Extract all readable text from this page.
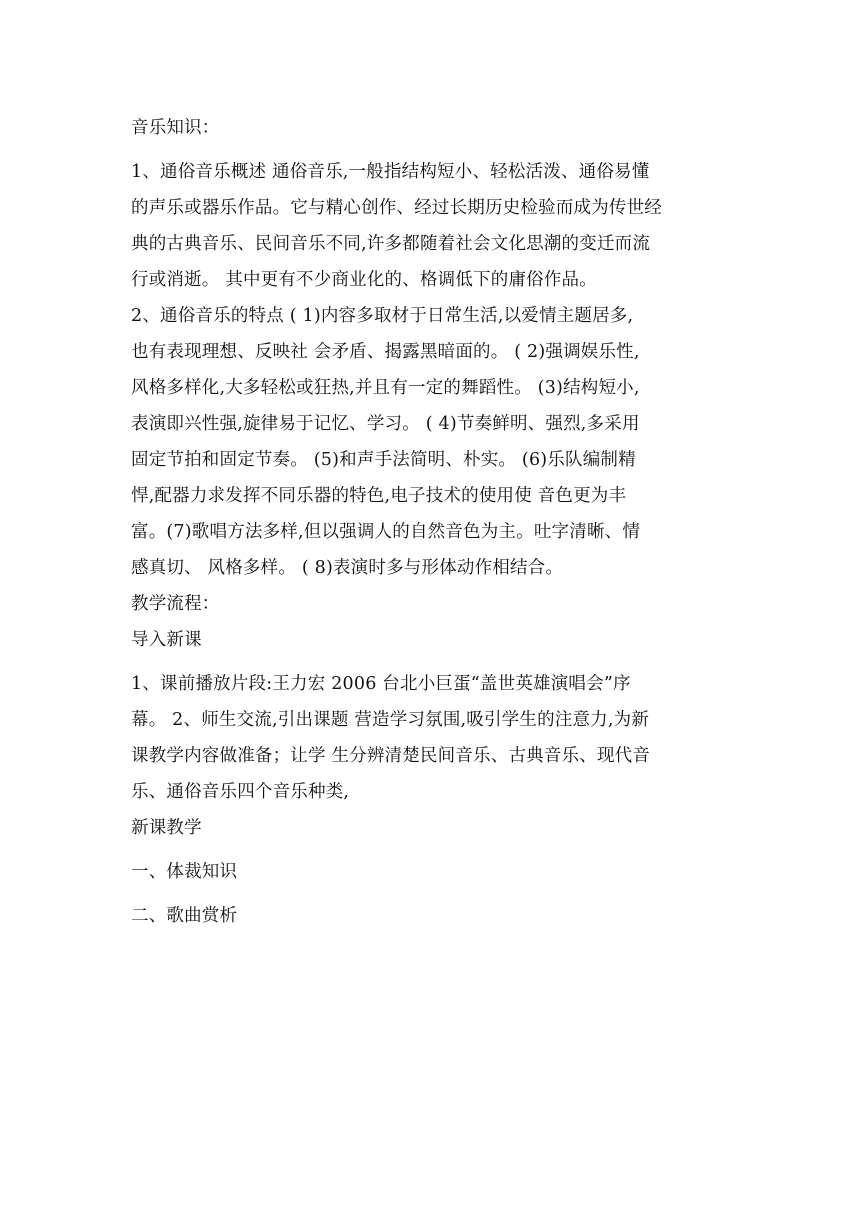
音乐知识：
1、通俗音乐概述 通俗音乐,一般指结构短小、轻松活泼、通俗易懂
的声乐或器乐作品。它与精心创作、经过长期历史检验而成为传世经
典的古典音乐、民间音乐不同,许多都随着社会文化思潮的变迁而流
行或消逝。 其中更有不少商业化的、格调低下的庸俗作品。
2、通俗音乐的特点 ( 1)内容多取材于日常生活,以爱情主题居多,
也有表现理想、反映社 会矛盾、揭露黑暗面的。 ( 2)强调娱乐性,
风格多样化,大多轻松或狂热,并且有一定的舞蹈性。 (3)结构短小,
表演即兴性强,旋律易于记忆、学习。 ( 4)节奏鲜明、强烈,多采用
固定节拍和固定节奏。 (5)和声手法简明、朴实。 (6)乐队编制精
悍,配器力求发挥不同乐器的特色,电子技术的使用使 音色更为丰
富。(7)歌唱方法多样,但以强调人的自然音色为主。吐字清晰、情
感真切、 风格多样。 ( 8)表演时多与形体动作相结合。
教学流程：
导入新课
1、课前播放片段:王力宏 2006 台北小巨蛋“盖世英雄演唱会”序
幕。 2、师生交流,引出课题 营造学习氛围,吸引学生的注意力,为新
课教学内容做准备；让学 生分辨清楚民间音乐、古典音乐、现代音
乐、通俗音乐四个音乐种类,
新课教学
一、体裁知识
二、歌曲赏析
